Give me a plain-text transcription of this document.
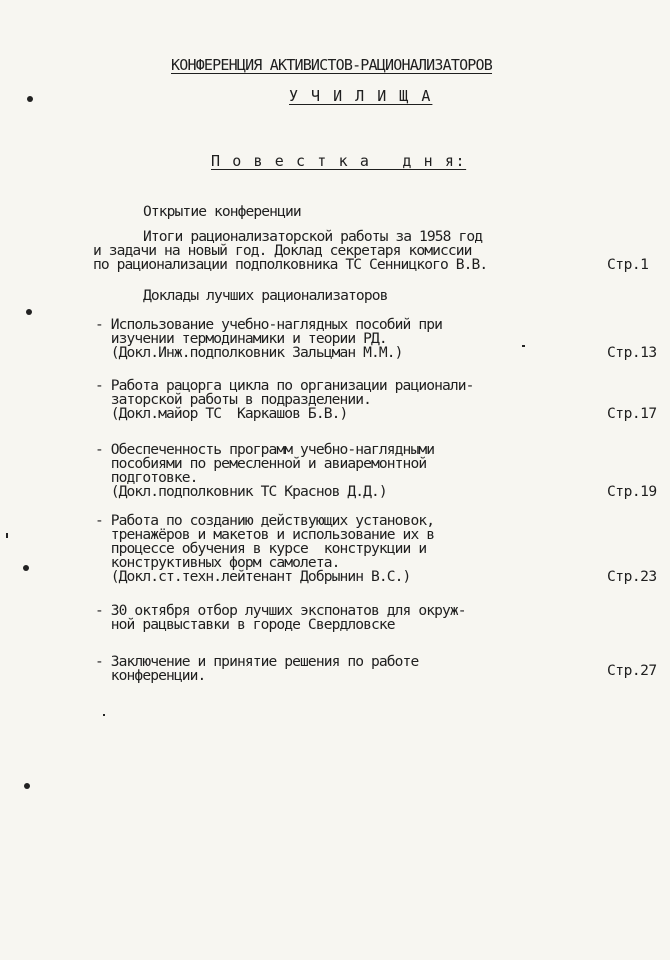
КОНФЕРЕНЦИЯ АКТИВИСТОВ-РАЦИОНАЛИЗАТОРОВ
У Ч И Л И Щ А
П о в е с т к а   д н я:
Открытие конференции
Итоги рационализаторской работы за 1958 год
и задачи на новый год. Доклад секретаря комиссии
по рационализации подполковника ТС Сенницкого В.В.	Стр.1
Доклады лучших рационализаторов
- Использование учебно-наглядных пособий при
изучении термодинамики и теории РД.
(Докл.Инж.подполковник Зальцман М.М.)	Стр.13
- Работа рацорга цикла по организации рационали-
заторской работы в подразделении.
(Докл.майор ТС  Каркашов Б.В.)	Стр.17
- Обеспеченность программ учебно-наглядными
пособиями по ремесленной и авиаремонтной
подготовке.
(Докл.подполковник ТС Краснов Д.Д.)	Стр.19
- Работа по созданию действующих установок,
тренажёров и макетов и использование их в
процессе обучения в курсе  конструкции и
конструктивных форм самолета.
(Докл.ст.техн.лейтенант Добрынин В.С.)	Стр.23
- 30 октября отбор лучших экспонатов для окруж-
ной рацвыставки в городе Свердловске
- Заключение и принятие решения по работе
конференции.	Стр.27
